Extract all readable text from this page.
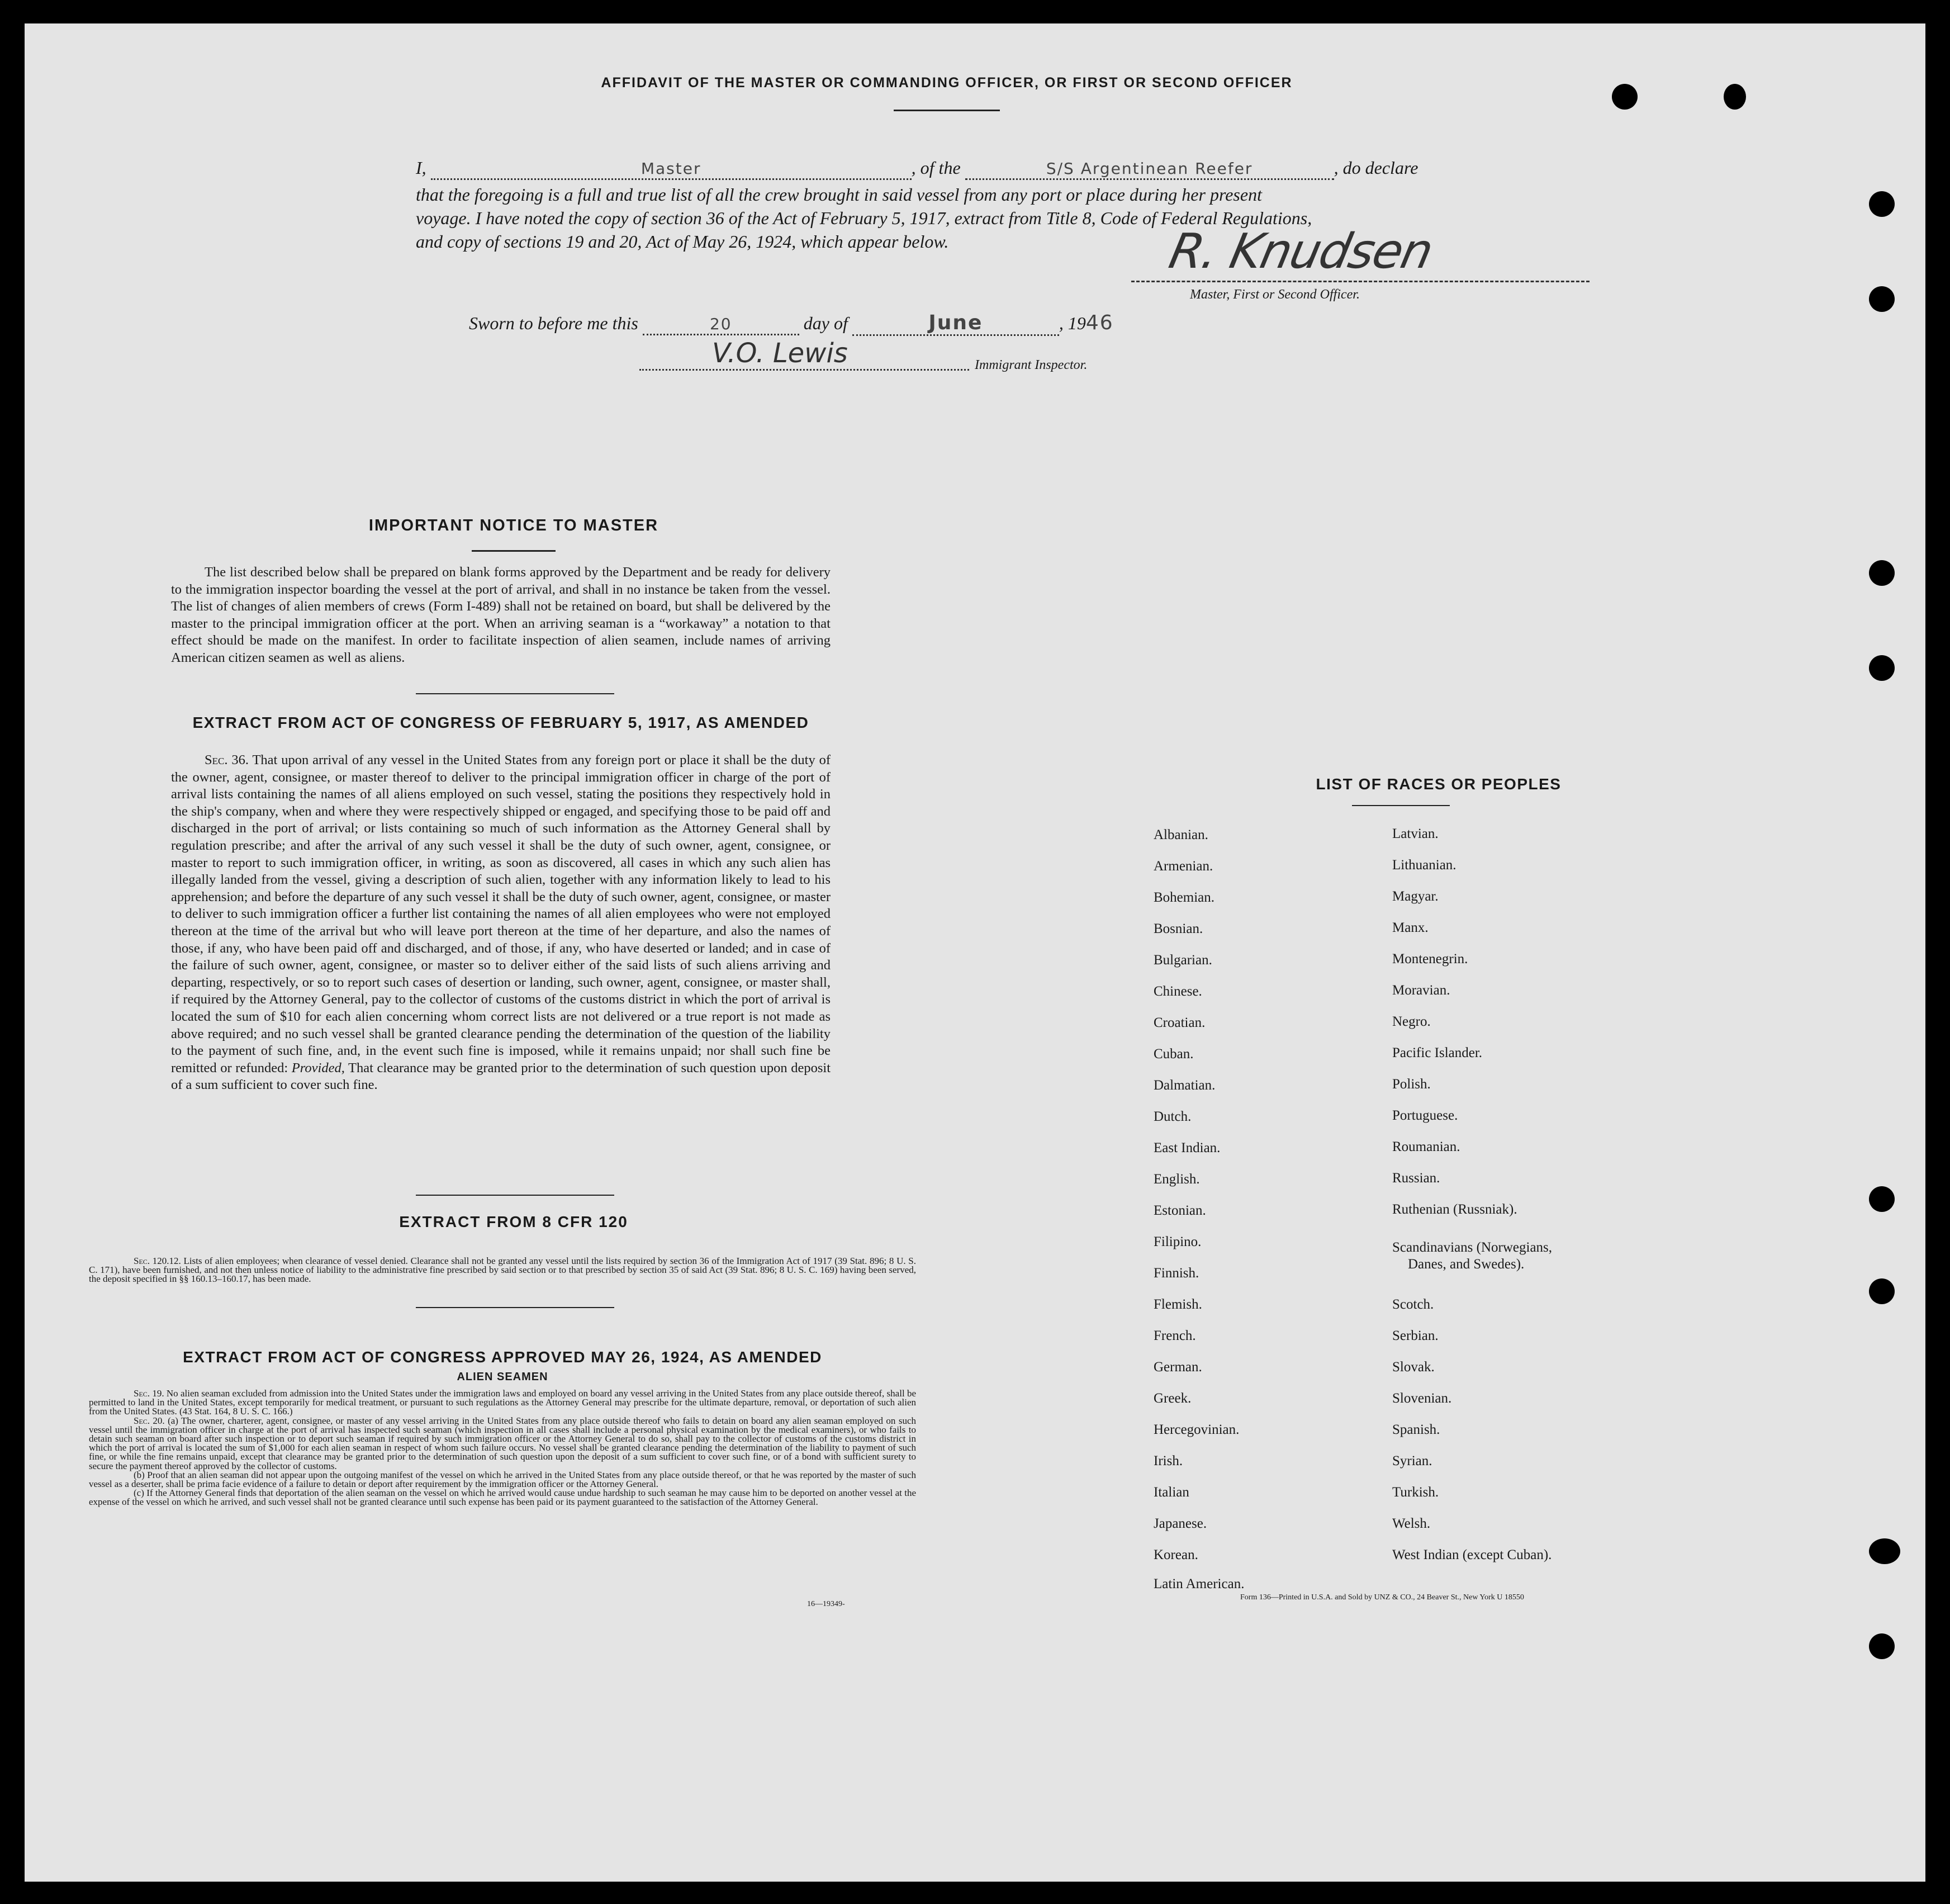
AFFIDAVIT OF THE MASTER OR COMMANDING OFFICER, OR FIRST OR SECOND OFFICER
I,	Master	, of the	S/S Argentinean Reefer	, do declare
that the foregoing is a full and true list of all the crew brought in said vessel from any port or place during her present
voyage. I have noted the copy of section 36 of the Act of February 5, 1917, extract from Title 8, Code of Federal Regulations,
and copy of sections 19 and 20, Act of May 26, 1924, which appear below.	R. Knudsen
Master, First or Second Officer.
Sworn to before me this	20	day of	June	, 1946
V.O. Lewis	Immigrant Inspector.
IMPORTANT NOTICE TO MASTER
The list described below shall be prepared on blank forms approved by the Department and be ready for delivery to the immigration inspector boarding the vessel at the port of arrival, and shall in no instance be taken from the vessel. The list of changes of alien members of crews (Form I-489) shall not be retained on board, but shall be delivered by the master to the principal immigration officer at the port. When an arriving seaman is a “workaway” a notation to that effect should be made on the manifest. In order to facilitate inspection of alien seamen, include names of arriving American citizen seamen as well as aliens.
EXTRACT FROM ACT OF CONGRESS OF FEBRUARY 5, 1917, AS AMENDED
Sec. 36. That upon arrival of any vessel in the United States from any foreign port or place it shall be the duty of the owner, agent, consignee, or master thereof to deliver to the principal immigration officer in charge of the port of arrival lists containing the names of all aliens employed on such vessel, stating the positions they respectively hold in the ship's company, when and where they were respectively shipped or engaged, and specifying those to be paid off and discharged in the port of arrival; or lists containing so much of such information as the Attorney General shall by regulation prescribe; and after the arrival of any such vessel it shall be the duty of such owner, agent, consignee, or master to report to such immigration officer, in writing, as soon as discovered, all cases in which any such alien has illegally landed from the vessel, giving a description of such alien, together with any information likely to lead to his apprehension; and before the departure of any such vessel it shall be the duty of such owner, agent, consignee, or master to deliver to such immigration officer a further list containing the names of all alien employees who were not employed thereon at the time of the arrival but who will leave port thereon at the time of her departure, and also the names of those, if any, who have been paid off and discharged, and of those, if any, who have deserted or landed; and in case of the failure of such owner, agent, consignee, or master so to deliver either of the said lists of such aliens arriving and departing, respectively, or so to report such cases of desertion or landing, such owner, agent, consignee, or master shall, if required by the Attorney General, pay to the collector of customs of the customs district in which the port of arrival is located the sum of $10 for each alien concerning whom correct lists are not delivered or a true report is not made as above required; and no such vessel shall be granted clearance pending the determination of the question of the liability to the payment of such fine, and, in the event such fine is imposed, while it remains unpaid; nor shall such fine be remitted or refunded: Provided, That clearance may be granted prior to the determination of such question upon deposit of a sum sufficient to cover such fine.
EXTRACT FROM 8 CFR 120
Sec. 120.12. Lists of alien employees; when clearance of vessel denied. Clearance shall not be granted any vessel until the lists required by section 36 of the Immigration Act of 1917 (39 Stat. 896; 8 U. S. C. 171), have been furnished, and not then unless notice of liability to the administrative fine prescribed by said section or to that prescribed by section 35 of said Act (39 Stat. 896; 8 U. S. C. 169) having been served, the deposit specified in §§ 160.13–160.17, has been made.
EXTRACT FROM ACT OF CONGRESS APPROVED MAY 26, 1924, AS AMENDED
ALIEN SEAMEN
Sec. 19. No alien seaman excluded from admission into the United States under the immigration laws and employed on board any vessel arriving in the United States from any place outside thereof, shall be permitted to land in the United States, except temporarily for medical treatment, or pursuant to such regulations as the Attorney General may prescribe for the ultimate departure, removal, or deportation of such alien from the United States. (43 Stat. 164, 8 U. S. C. 166.)
Sec. 20. (a) The owner, charterer, agent, consignee, or master of any vessel arriving in the United States from any place outside thereof who fails to detain on board any alien seaman employed on such vessel until the immigration officer in charge at the port of arrival has inspected such seaman (which inspection in all cases shall include a personal physical examination by the medical examiners), or who fails to detain such seaman on board after such inspection or to deport such seaman if required by such immigration officer or the Attorney General to do so, shall pay to the collector of customs of the customs district in which the port of arrival is located the sum of $1,000 for each alien seaman in respect of whom such failure occurs. No vessel shall be granted clearance pending the determination of the liability to payment of such fine, or while the fine remains unpaid, except that clearance may be granted prior to the determination of such question upon the deposit of a sum sufficient to cover such fine, or of a bond with sufficient surety to secure the payment thereof approved by the collector of customs.
(b) Proof that an alien seaman did not appear upon the outgoing manifest of the vessel on which he arrived in the United States from any place outside thereof, or that he was reported by the master of such vessel as a deserter, shall be prima facie evidence of a failure to detain or deport after requirement by the immigration officer or the Attorney General.
(c) If the Attorney General finds that deportation of the alien seaman on the vessel on which he arrived would cause undue hardship to such seaman he may cause him to be deported on another vessel at the expense of the vessel on which he arrived, and such vessel shall not be granted clearance until such expense has been paid or its payment guaranteed to the satisfaction of the Attorney General.
16—19349-
LIST OF RACES OR PEOPLES
Albanian.
Armenian.
Bohemian.
Bosnian.
Bulgarian.
Chinese.
Croatian.
Cuban.
Dalmatian.
Dutch.
East Indian.
English.
Estonian.
Filipino.
Finnish.
Flemish.
French.
German.
Greek.
Hercegovinian.
Irish.
Italian
Japanese.
Korean.
Latin American.
Latvian.
Lithuanian.
Magyar.
Manx.
Montenegrin.
Moravian.
Negro.
Pacific Islander.
Polish.
Portuguese.
Roumanian.
Russian.
Ruthenian (Russniak).
Scandinavians (Norwegians,
Danes, and Swedes).
Scotch.
Serbian.
Slovak.
Slovenian.
Spanish.
Syrian.
Turkish.
Welsh.
West Indian (except Cuban).
Form 136—Printed in U.S.A. and Sold by UNZ & CO., 24 Beaver St., New York U 18550
